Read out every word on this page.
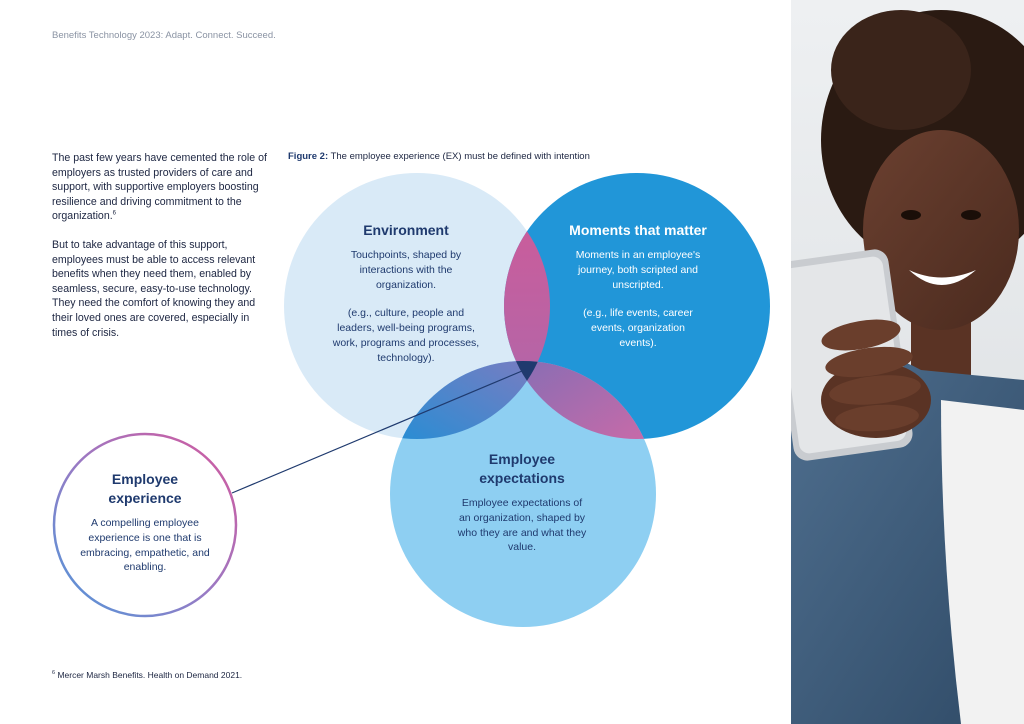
Benefits Technology 2023: Adapt. Connect. Succeed.

The past few years have cemented the role of employers as trusted providers of care and support, with supportive employers boosting resilience and driving commitment to the organization.$^6$

But to take advantage of this support, employees must be able to access relevant benefits when they need them, enabled by seamless, secure, easy-to-use technology. They need the comfort of knowing they and their loved ones are covered, especially in times of crisis.

Figure 2: The employee experience (EX) must be defined with intention
Environment
Touchpoints, shaped by interactions with the organization.
(e.g., culture, people and leaders, well-being programs, work, programs and processes, technology).
Moments that matter
Moments in an employee's journey, both scripted and unscripted.
(e.g., life events, career events, organization events).
Employee expectations
Employee expectations of an organization, shaped by who they are and what they value.
Employee experience
A compelling employee experience is one that is embracing, empathetic, and enabling.
$^6$ Mercer Marsh Benefits. Health on Demand 2021.
